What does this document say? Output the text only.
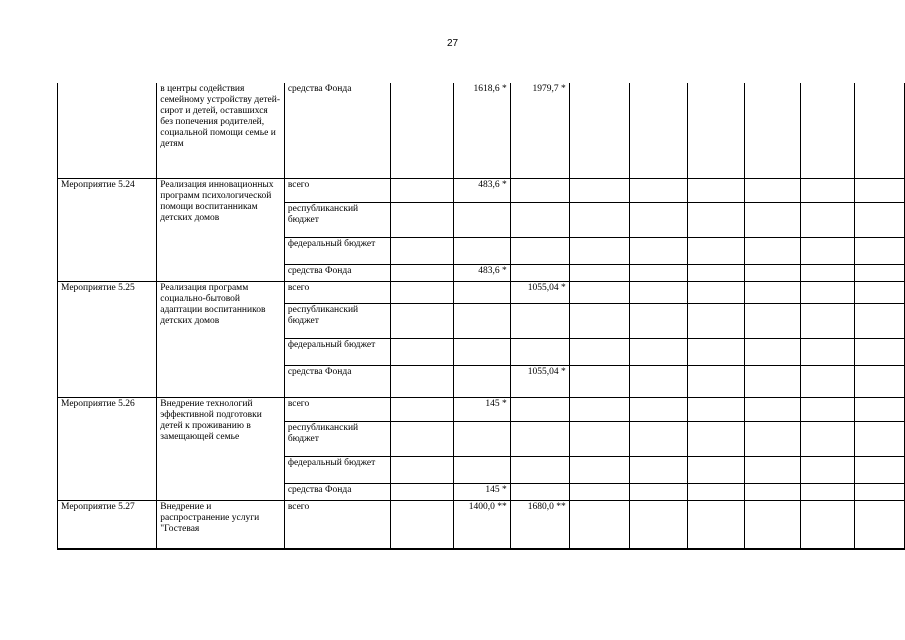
27

	в центры содействия семейному устройству детей-сирот и детей, оставшихся без попечения родителей, социальной помощи семье и детям	средства Фонда		1618,6 *	1979,7 *						
Мероприятие 5.24	Реализация инновационных программ психологической помощи воспитанникам детских домов	всего		483,6 *							
		республиканский бюджет									
		федеральный бюджет									
		средства Фонда		483,6 *							
Мероприятие 5.25	Реализация программ социально-бытовой адаптации воспитанников детских домов	всего			1055,04 *						
		республиканский бюджет									
		федеральный бюджет									
		средства Фонда			1055,04 *						
Мероприятие 5.26	Внедрение технологий эффективной подготовки детей к проживанию в замещающей семье	всего		145 *							
		республиканский бюджет									
		федеральный бюджет									
		средства Фонда		145 *							
Мероприятие 5.27	Внедрение и распространение услуги "Гостевая	всего		1400,0 **	1680,0 **						
